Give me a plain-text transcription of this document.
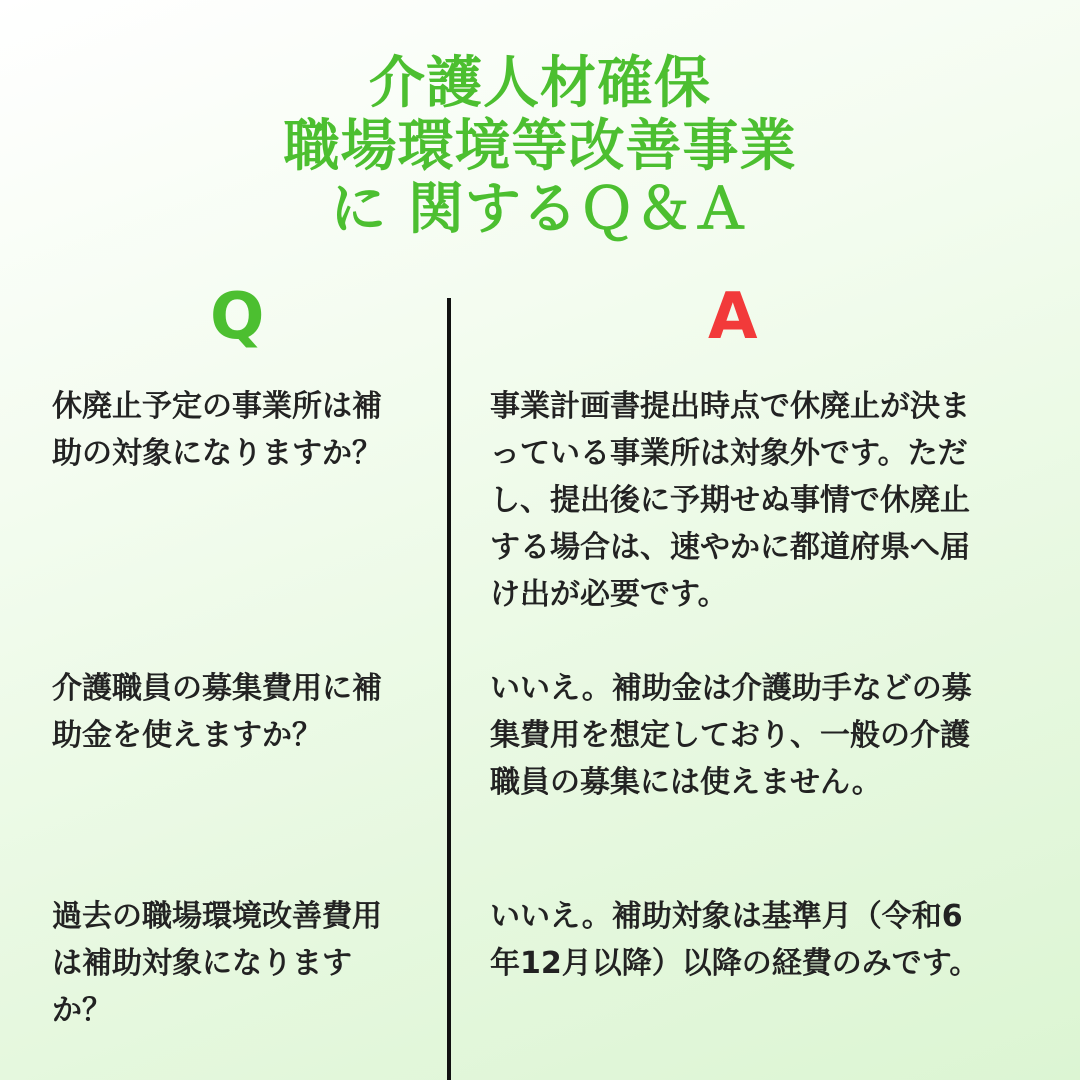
介護人材確保
職場環境等改善事業
に 関するＱ＆Ａ
Q	A
休廃止予定の事業所は補
助の対象になりますか？
事業計画書提出時点で休廃止が決ま
っている事業所は対象外です。ただ
し、提出後に予期せぬ事情で休廃止
する場合は、速やかに都道府県へ届
け出が必要です。
介護職員の募集費用に補
助金を使えますか？
いいえ。補助金は介護助手などの募
集費用を想定しており、一般の介護
職員の募集には使えません。
過去の職場環境改善費用
は補助対象になります
か？
いいえ。補助対象は基準月（令和6
年12月以降）以降の経費のみです。
